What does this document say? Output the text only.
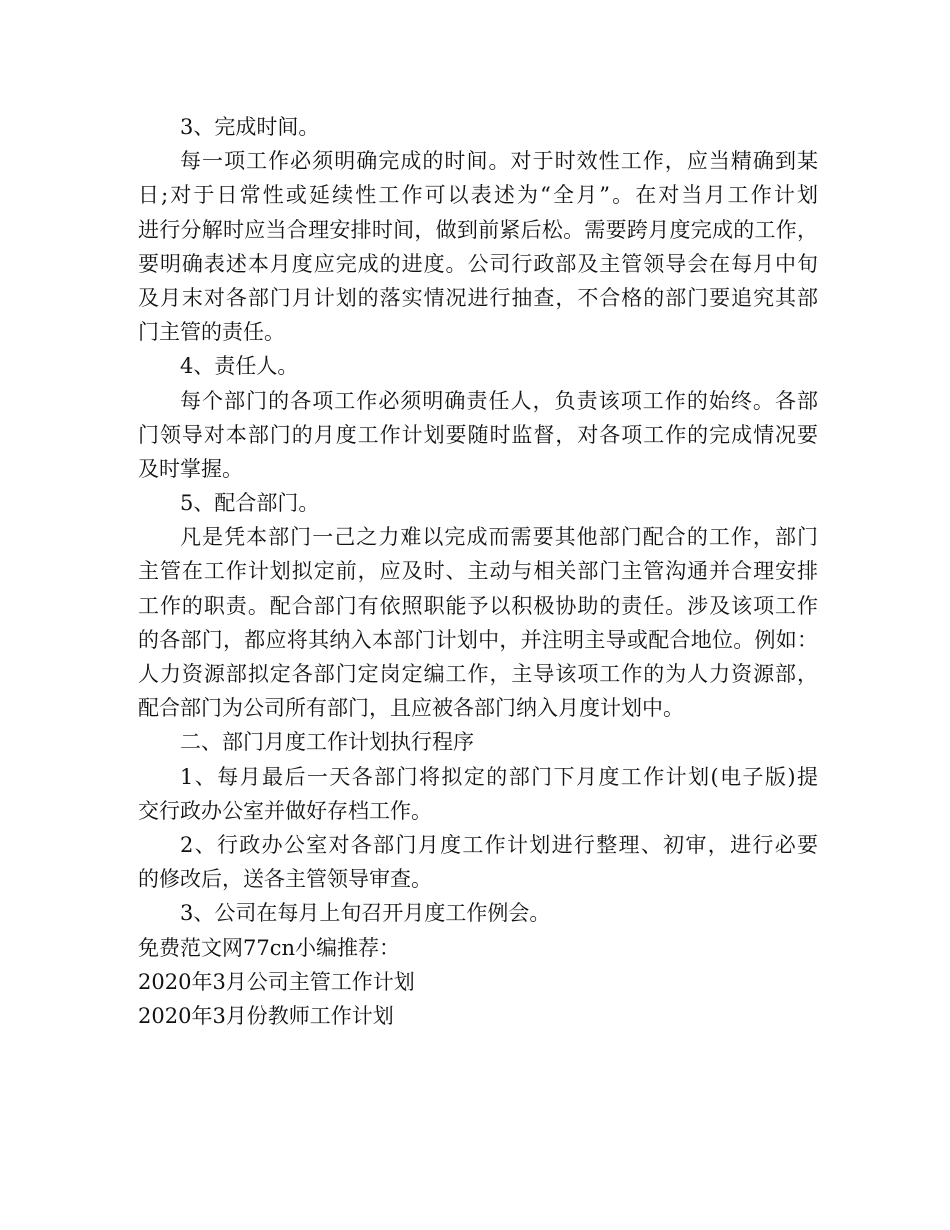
3、完成时间。
每一项工作必须明确完成的时间。对于时效性工作，应当精确到某
日;对于日常性或延续性工作可以表述为“全月”。在对当月工作计划
进行分解时应当合理安排时间，做到前紧后松。需要跨月度完成的工作，
要明确表述本月度应完成的进度。公司行政部及主管领导会在每月中旬
及月末对各部门月计划的落实情况进行抽查，不合格的部门要追究其部
门主管的责任。
4、责任人。
每个部门的各项工作必须明确责任人，负责该项工作的始终。各部
门领导对本部门的月度工作计划要随时监督，对各项工作的完成情况要
及时掌握。
5、配合部门。
凡是凭本部门一己之力难以完成而需要其他部门配合的工作，部门
主管在工作计划拟定前，应及时、主动与相关部门主管沟通并合理安排
工作的职责。配合部门有依照职能予以积极协助的责任。涉及该项工作
的各部门，都应将其纳入本部门计划中，并注明主导或配合地位。例如：
人力资源部拟定各部门定岗定编工作，主导该项工作的为人力资源部，
配合部门为公司所有部门，且应被各部门纳入月度计划中。
二、部门月度工作计划执行程序
1、每月最后一天各部门将拟定的部门下月度工作计划(电子版)提
交行政办公室并做好存档工作。
2、行政办公室对各部门月度工作计划进行整理、初审，进行必要
的修改后，送各主管领导审查。
3、公司在每月上旬召开月度工作例会。
免费范文网77cn小编推荐：
2020年3月公司主管工作计划
2020年3月份教师工作计划
